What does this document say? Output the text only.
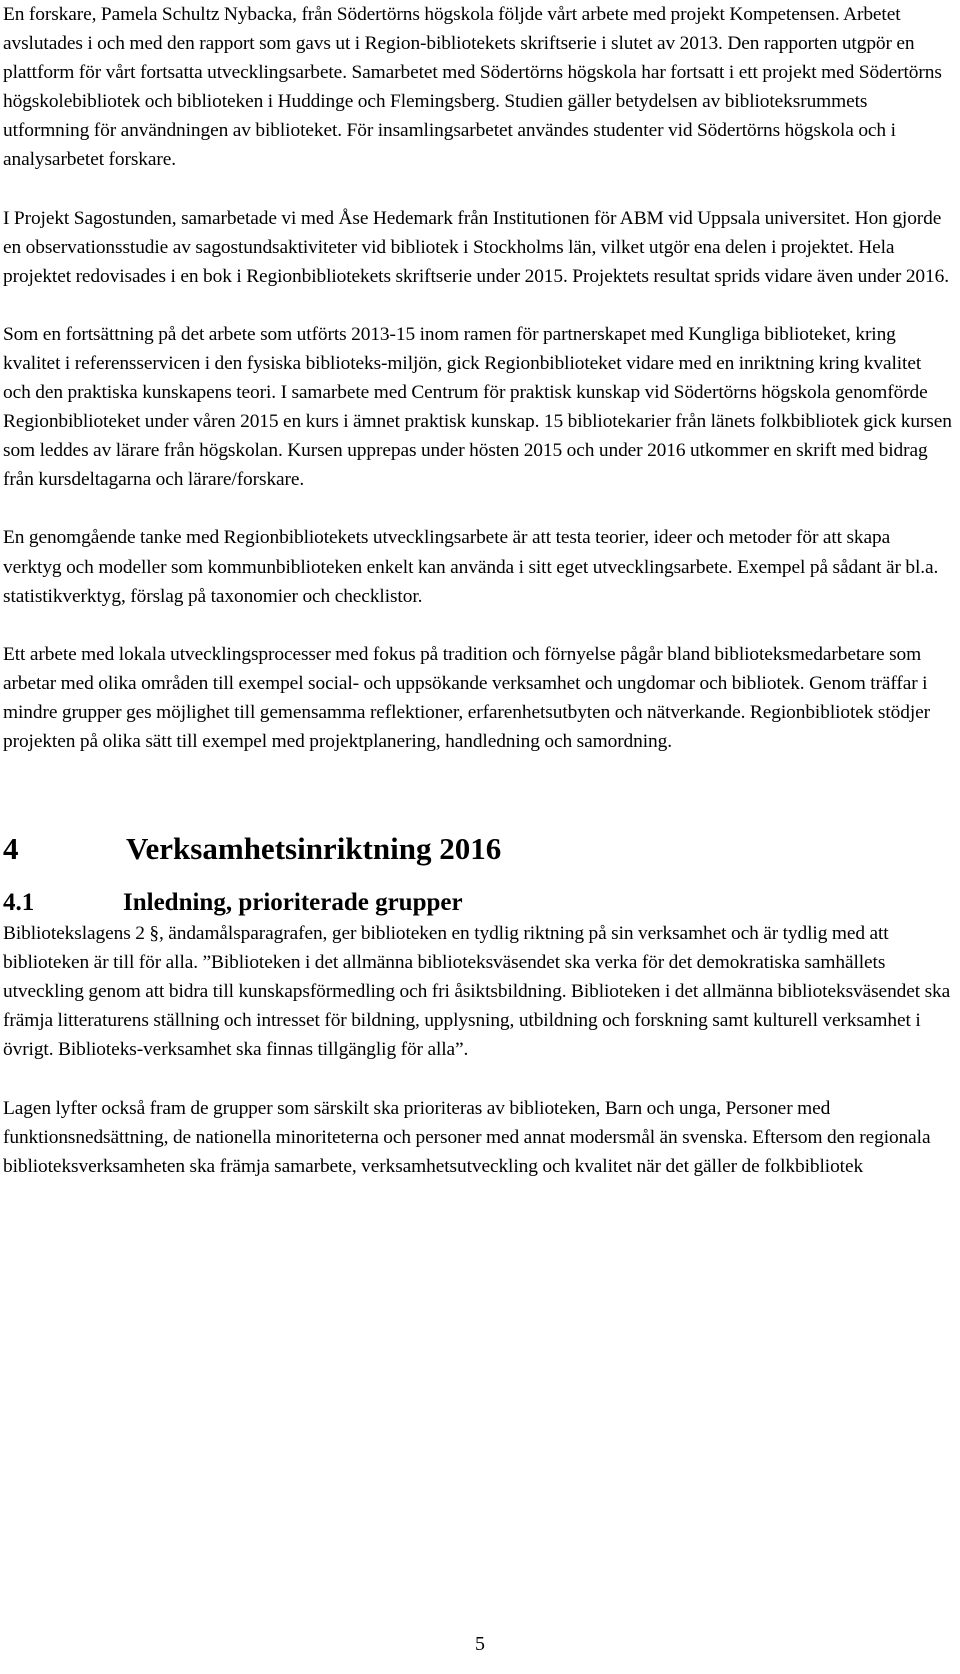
En forskare, Pamela Schultz Nybacka, från Södertörns högskola följde vårt arbete med projekt Kompetensen. Arbetet avslutades i och med den rapport som gavs ut i Region-bibliotekets skriftserie i slutet av 2013. Den rapporten utgpör en plattform för vårt fortsatta utvecklingsarbete. Samarbetet med Södertörns högskola har fortsatt i ett projekt med Södertörns högskolebibliotek och biblioteken i Huddinge och Flemingsberg. Studien gäller betydelsen av biblioteksrummets utformning för användningen av biblioteket. För insamlingsarbetet användes studenter vid Södertörns högskola och i analysarbetet forskare.

I Projekt Sagostunden, samarbetade vi med Åse Hedemark från Institutionen för ABM vid Uppsala universitet. Hon gjorde en observationsstudie av sagostundsaktiviteter vid bibliotek i Stockholms län, vilket utgör ena delen i projektet. Hela projektet redovisades i en bok i Regionbibliotekets skriftserie under 2015. Projektets resultat sprids vidare även under 2016.

Som en fortsättning på det arbete som utförts 2013-15 inom ramen för partnerskapet med Kungliga biblioteket, kring kvalitet i referensservicen i den fysiska biblioteks-miljön, gick Regionbiblioteket vidare med en inriktning kring kvalitet och den praktiska kunskapens teori. I samarbete med Centrum för praktisk kunskap vid Södertörns högskola genomförde Regionbiblioteket under våren 2015 en kurs i ämnet praktisk kunskap. 15 bibliotekarier från länets folkbibliotek gick kursen som leddes av lärare från högskolan. Kursen upprepas under hösten 2015 och under 2016 utkommer en skrift med bidrag från kursdeltagarna och lärare/forskare.

En genomgående tanke med Regionbibliotekets utvecklingsarbete är att testa teorier, ideer och metoder för att skapa verktyg och modeller som kommunbiblioteken enkelt kan använda i sitt eget utvecklingsarbete. Exempel på sådant är bl.a. statistikverktyg, förslag på taxonomier och checklistor.

Ett arbete med lokala utvecklingsprocesser med fokus på tradition och förnyelse pågår bland biblioteksmedarbetare som arbetar med olika områden till exempel social- och uppsökande verksamhet och ungdomar och bibliotek. Genom träffar i mindre grupper ges möjlighet till gemensamma reflektioner, erfarenhetsutbyten och nätverkande. Regionbibliotek stödjer projekten på olika sätt till exempel med projektplanering, handledning och samordning.

4	Verksamhetsinriktning 2016
4.1	Inledning, prioriterade grupper

Bibliotekslagens 2 §, ändamålsparagrafen, ger biblioteken en tydlig riktning på sin verksamhet och är tydlig med att biblioteken är till för alla. ”Biblioteken i det allmänna biblioteksväsendet ska verka för det demokratiska samhällets utveckling genom att bidra till kunskapsförmedling och fri åsiktsbildning. Biblioteken i det allmänna biblioteksväsendet ska främja litteraturens ställning och intresset för bildning, upplysning, utbildning och forskning samt kulturell verksamhet i övrigt. Biblioteks-verksamhet ska finnas tillgänglig för alla”.

Lagen lyfter också fram de grupper som särskilt ska prioriteras av biblioteken, Barn och unga, Personer med funktionsnedsättning, de nationella minoriteterna och personer med annat modersmål än svenska. Eftersom den regionala biblioteksverksamheten ska främja samarbete, verksamhetsutveckling och kvalitet när det gäller de folkbibliotek

5
